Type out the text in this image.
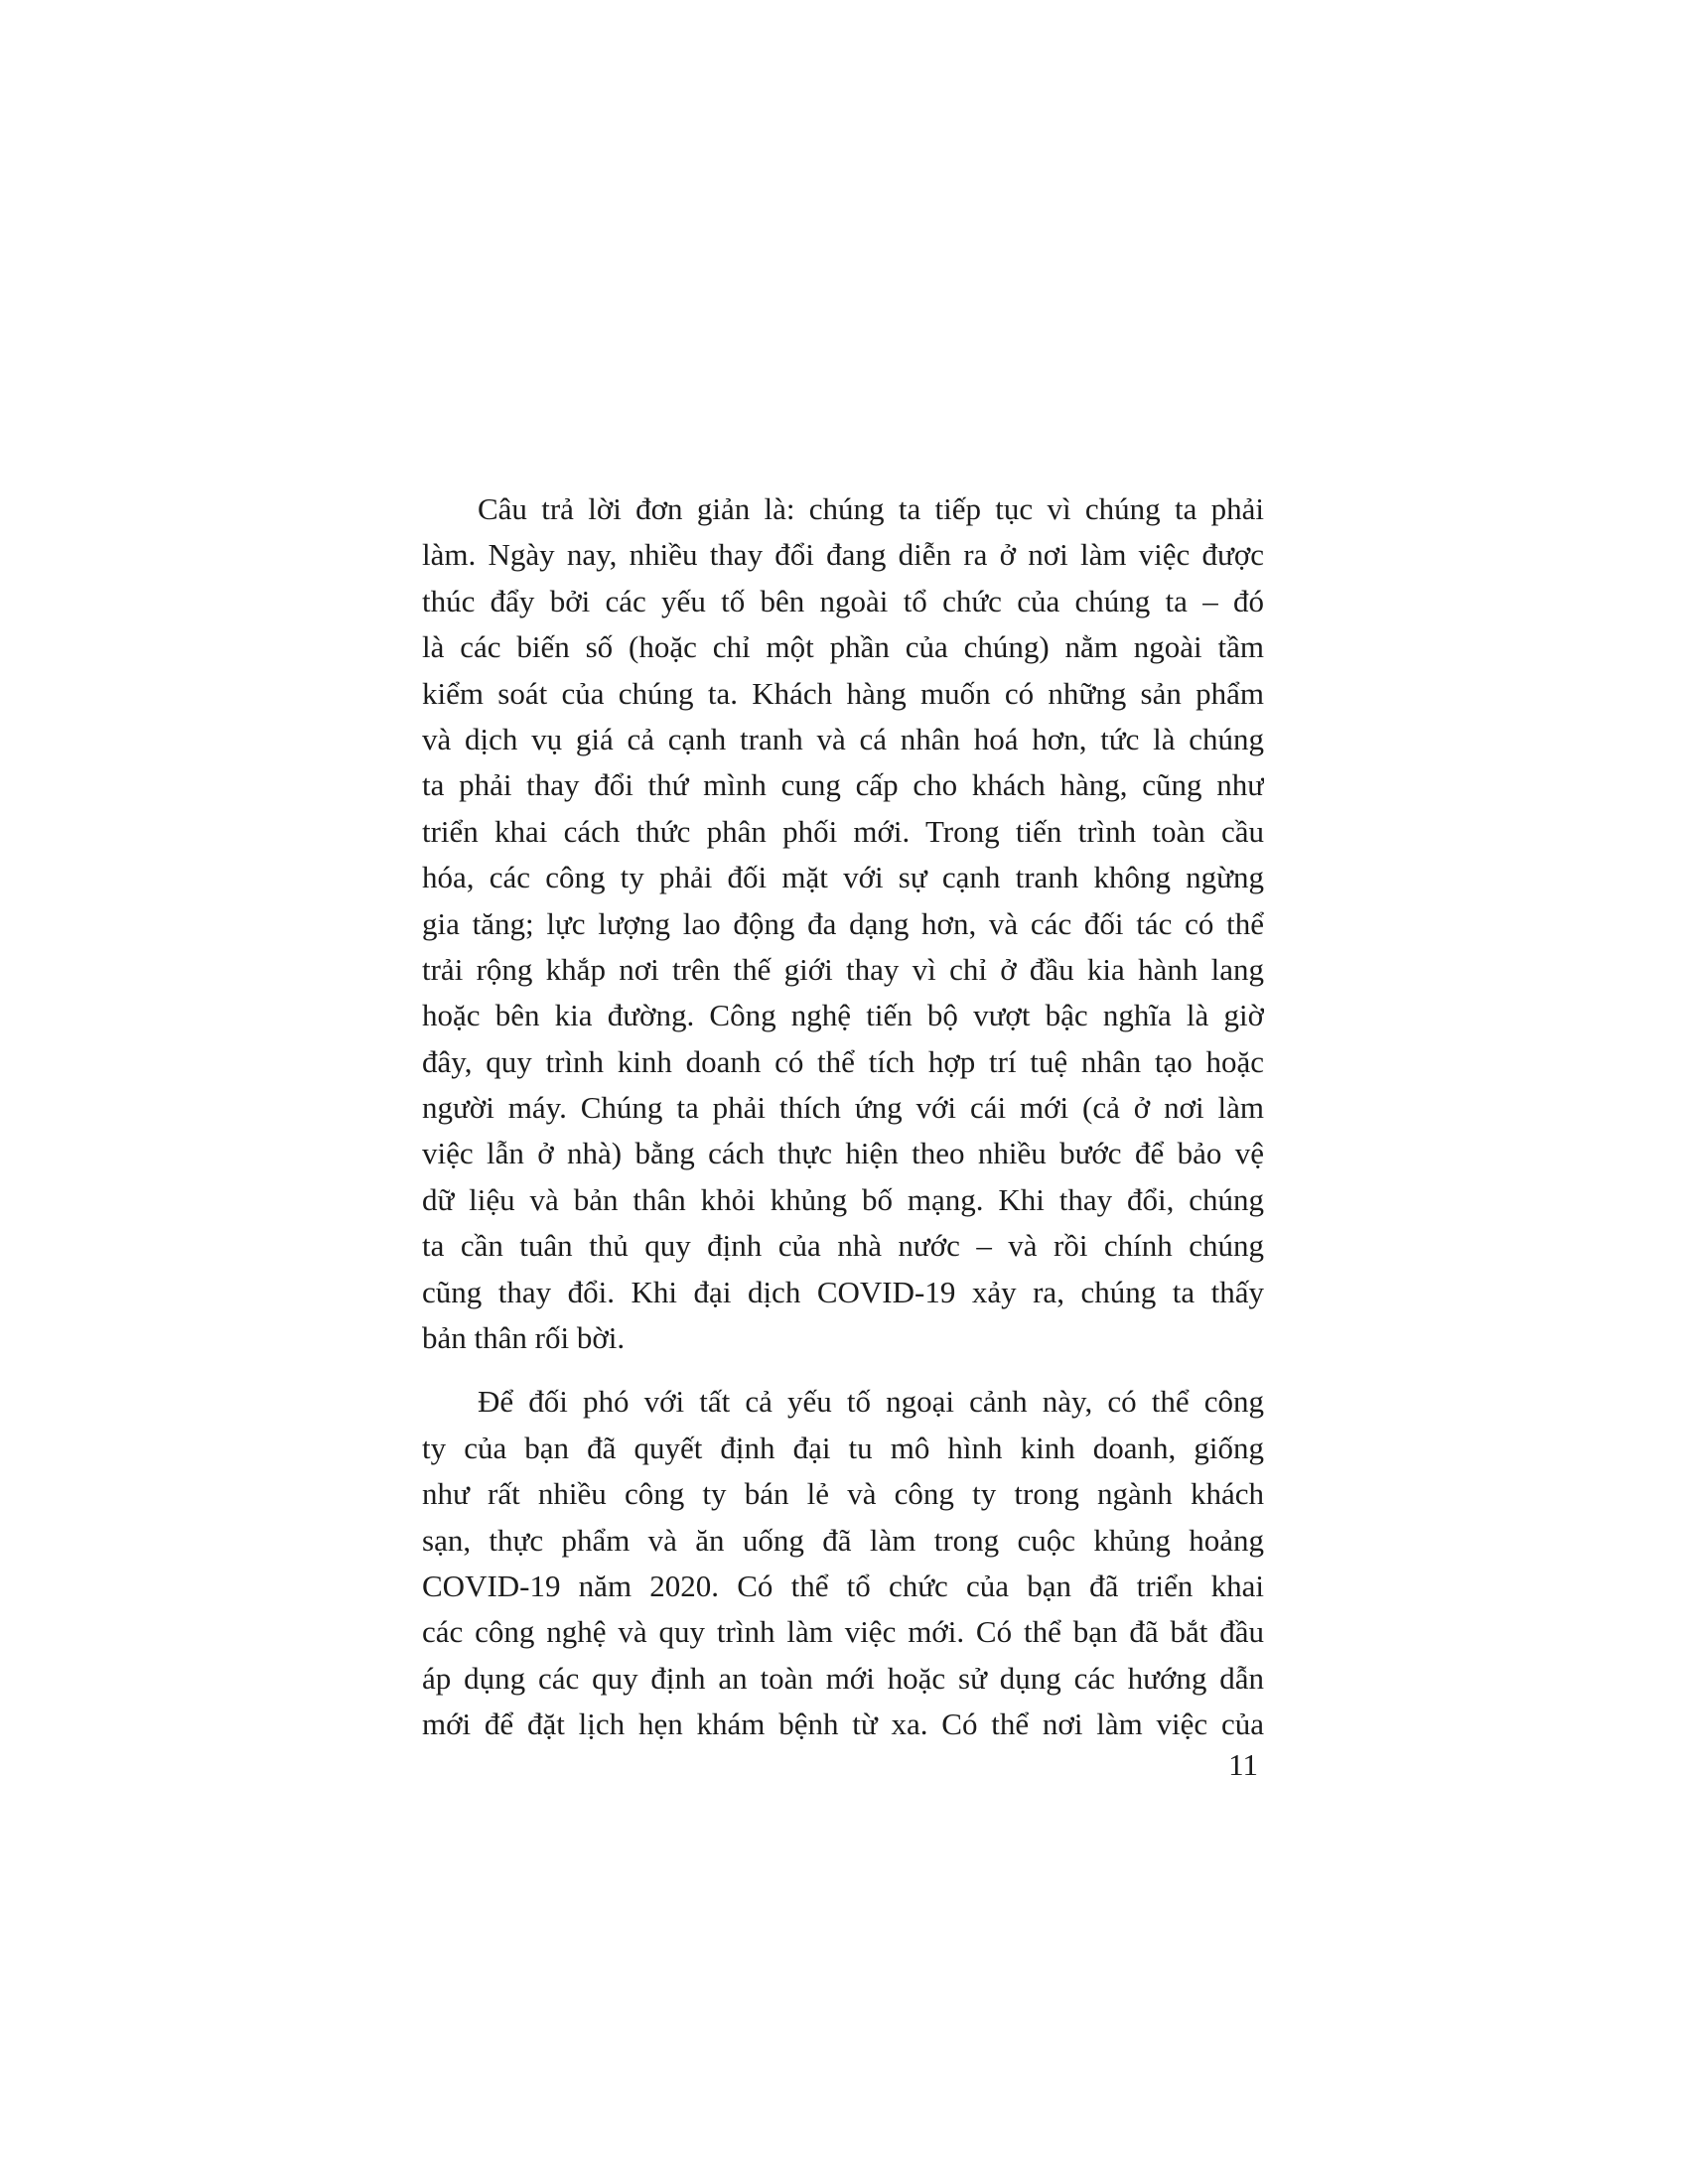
Câu trả lời đơn giản là: chúng ta tiếp tục vì chúng ta phải
làm. Ngày nay, nhiều thay đổi đang diễn ra ở nơi làm việc được
thúc đẩy bởi các yếu tố bên ngoài tổ chức của chúng ta – đó
là các biến số (hoặc chỉ một phần của chúng) nằm ngoài tầm
kiểm soát của chúng ta. Khách hàng muốn có những sản phẩm
và dịch vụ giá cả cạnh tranh và cá nhân hoá hơn, tức là chúng
ta phải thay đổi thứ mình cung cấp cho khách hàng, cũng như
triển khai cách thức phân phối mới. Trong tiến trình toàn cầu
hóa, các công ty phải đối mặt với sự cạnh tranh không ngừng
gia tăng; lực lượng lao động đa dạng hơn, và các đối tác có thể
trải rộng khắp nơi trên thế giới thay vì chỉ ở đầu kia hành lang
hoặc bên kia đường. Công nghệ tiến bộ vượt bậc nghĩa là giờ
đây, quy trình kinh doanh có thể tích hợp trí tuệ nhân tạo hoặc
người máy. Chúng ta phải thích ứng với cái mới (cả ở nơi làm
việc lẫn ở nhà) bằng cách thực hiện theo nhiều bước để bảo vệ
dữ liệu và bản thân khỏi khủng bố mạng. Khi thay đổi, chúng
ta cần tuân thủ quy định của nhà nước – và rồi chính chúng
cũng thay đổi. Khi đại dịch COVID-19 xảy ra, chúng ta thấy
bản thân rối bời.
Để đối phó với tất cả yếu tố ngoại cảnh này, có thể công
ty của bạn đã quyết định đại tu mô hình kinh doanh, giống
như rất nhiều công ty bán lẻ và công ty trong ngành khách
sạn, thực phẩm và ăn uống đã làm trong cuộc khủng hoảng
COVID-19 năm 2020. Có thể tổ chức của bạn đã triển khai
các công nghệ và quy trình làm việc mới. Có thể bạn đã bắt đầu
áp dụng các quy định an toàn mới hoặc sử dụng các hướng dẫn
mới để đặt lịch hẹn khám bệnh từ xa. Có thể nơi làm việc của
11
